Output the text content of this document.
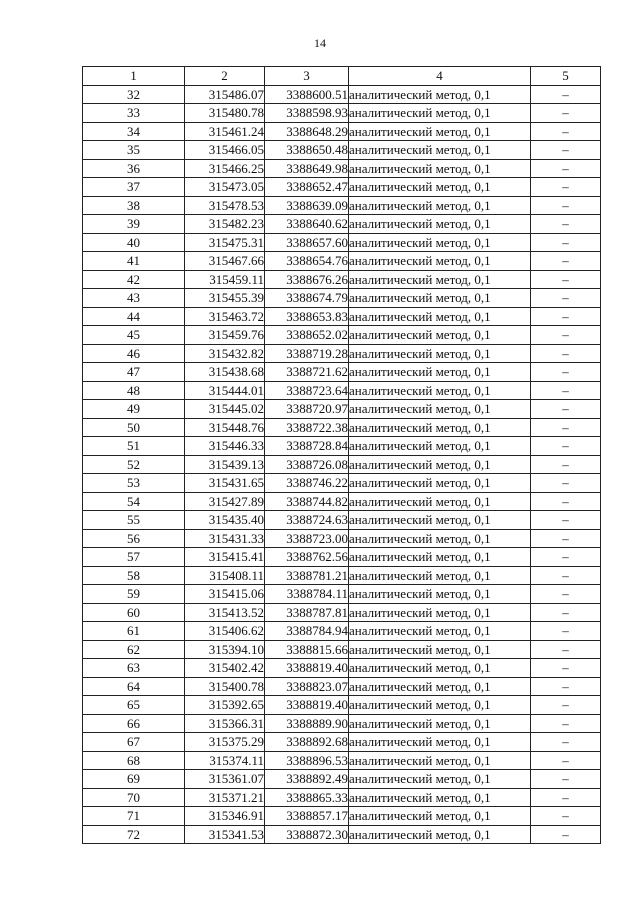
14
1	2	3	4	5
32	315486.07	3388600.51	аналитический метод, 0,1	–
33	315480.78	3388598.93	аналитический метод, 0,1	–
34	315461.24	3388648.29	аналитический метод, 0,1	–
35	315466.05	3388650.48	аналитический метод, 0,1	–
36	315466.25	3388649.98	аналитический метод, 0,1	–
37	315473.05	3388652.47	аналитический метод, 0,1	–
38	315478.53	3388639.09	аналитический метод, 0,1	–
39	315482.23	3388640.62	аналитический метод, 0,1	–
40	315475.31	3388657.60	аналитический метод, 0,1	–
41	315467.66	3388654.76	аналитический метод, 0,1	–
42	315459.11	3388676.26	аналитический метод, 0,1	–
43	315455.39	3388674.79	аналитический метод, 0,1	–
44	315463.72	3388653.83	аналитический метод, 0,1	–
45	315459.76	3388652.02	аналитический метод, 0,1	–
46	315432.82	3388719.28	аналитический метод, 0,1	–
47	315438.68	3388721.62	аналитический метод, 0,1	–
48	315444.01	3388723.64	аналитический метод, 0,1	–
49	315445.02	3388720.97	аналитический метод, 0,1	–
50	315448.76	3388722.38	аналитический метод, 0,1	–
51	315446.33	3388728.84	аналитический метод, 0,1	–
52	315439.13	3388726.08	аналитический метод, 0,1	–
53	315431.65	3388746.22	аналитический метод, 0,1	–
54	315427.89	3388744.82	аналитический метод, 0,1	–
55	315435.40	3388724.63	аналитический метод, 0,1	–
56	315431.33	3388723.00	аналитический метод, 0,1	–
57	315415.41	3388762.56	аналитический метод, 0,1	–
58	315408.11	3388781.21	аналитический метод, 0,1	–
59	315415.06	3388784.11	аналитический метод, 0,1	–
60	315413.52	3388787.81	аналитический метод, 0,1	–
61	315406.62	3388784.94	аналитический метод, 0,1	–
62	315394.10	3388815.66	аналитический метод, 0,1	–
63	315402.42	3388819.40	аналитический метод, 0,1	–
64	315400.78	3388823.07	аналитический метод, 0,1	–
65	315392.65	3388819.40	аналитический метод, 0,1	–
66	315366.31	3388889.90	аналитический метод, 0,1	–
67	315375.29	3388892.68	аналитический метод, 0,1	–
68	315374.11	3388896.53	аналитический метод, 0,1	–
69	315361.07	3388892.49	аналитический метод, 0,1	–
70	315371.21	3388865.33	аналитический метод, 0,1	–
71	315346.91	3388857.17	аналитический метод, 0,1	–
72	315341.53	3388872.30	аналитический метод, 0,1	–
